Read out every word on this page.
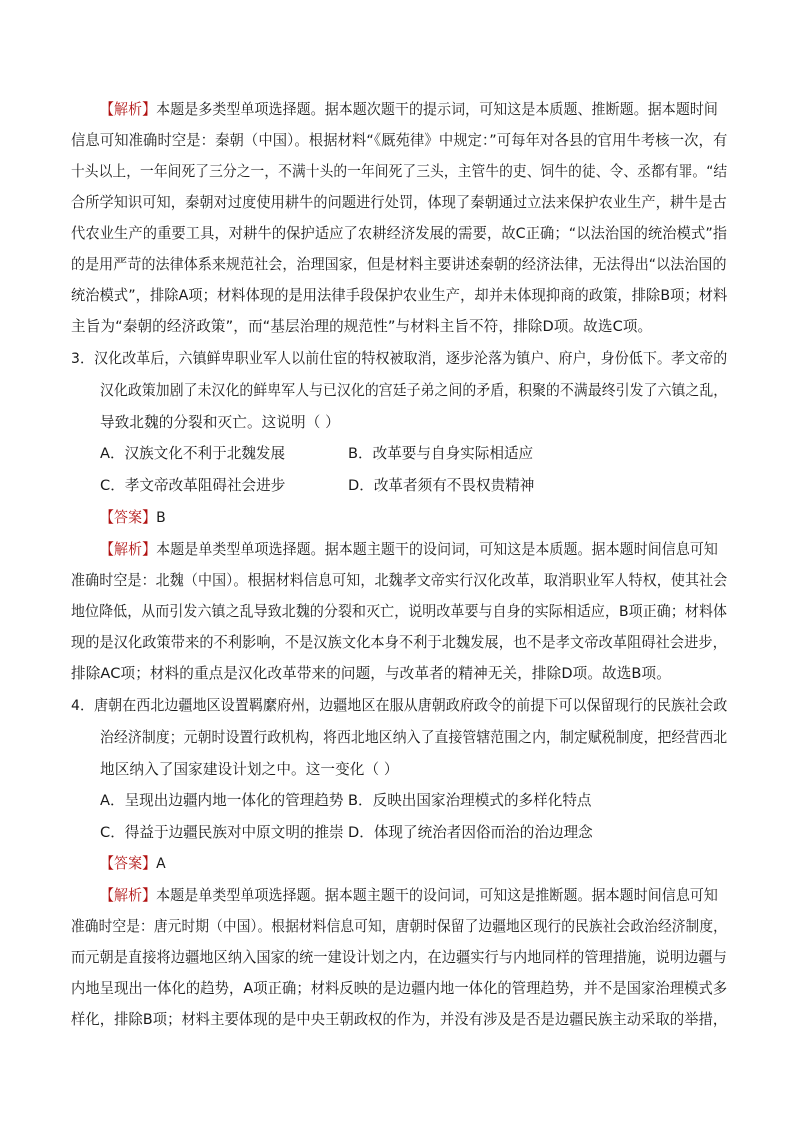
【解析】本题是多类型单项选择题。据本题次题干的提示词，可知这是本质题、推断题。据本题时间
信息可知准确时空是：秦朝（中国）。根据材料“《厩苑律》中规定：”可每年对各县的官用牛考核一次，有
十头以上，一年间死了三分之一，不满十头的一年间死了三头，主管牛的吏、饲牛的徒、令、丞都有罪。“结
合所学知识可知，秦朝对过度使用耕牛的问题进行处罚，体现了秦朝通过立法来保护农业生产，耕牛是古
代农业生产的重要工具，对耕牛的保护适应了农耕经济发展的需要，故C正确；“以法治国的统治模式”指
的是用严苛的法律体系来规范社会，治理国家，但是材料主要讲述秦朝的经济法律，无法得出“以法治国的
统治模式”，排除A项；材料体现的是用法律手段保护农业生产，却并未体现抑商的政策，排除B项；材料
主旨为“秦朝的经济政策”，而“基层治理的规范性”与材料主旨不符，排除D项。故选C项。
3．汉化改革后，六镇鲜卑职业军人以前仕宦的特权被取消，逐步沦落为镇户、府户，身份低下。孝文帝的
汉化政策加剧了未汉化的鲜卑军人与已汉化的宫廷子弟之间的矛盾，积聚的不满最终引发了六镇之乱，
导致北魏的分裂和灭亡。这说明（ ）
A．汉族文化不利于北魏发展	B．改革要与自身实际相适应
C．孝文帝改革阻碍社会进步	D．改革者须有不畏权贵精神
【答案】B
【解析】本题是单类型单项选择题。据本题主题干的设问词，可知这是本质题。据本题时间信息可知
准确时空是：北魏（中国）。根据材料信息可知，北魏孝文帝实行汉化改革，取消职业军人特权，使其社会
地位降低，从而引发六镇之乱导致北魏的分裂和灭亡，说明改革要与自身的实际相适应，B项正确；材料体
现的是汉化政策带来的不利影响，不是汉族文化本身不利于北魏发展，也不是孝文帝改革阻碍社会进步，
排除AC项；材料的重点是汉化改革带来的问题，与改革者的精神无关，排除D项。故选B项。
4．唐朝在西北边疆地区设置羁縻府州，边疆地区在服从唐朝政府政令的前提下可以保留现行的民族社会政
治经济制度；元朝时设置行政机构，将西北地区纳入了直接管辖范围之内，制定赋税制度，把经营西北
地区纳入了国家建设计划之中。这一变化（ ）
A．呈现出边疆内地一体化的管理趋势 B．反映出国家治理模式的多样化特点
C．得益于边疆民族对中原文明的推崇 D．体现了统治者因俗而治的治边理念
【答案】A
【解析】本题是单类型单项选择题。据本题主题干的设问词，可知这是推断题。据本题时间信息可知
准确时空是：唐元时期（中国）。根据材料信息可知，唐朝时保留了边疆地区现行的民族社会政治经济制度，
而元朝是直接将边疆地区纳入国家的统一建设计划之内，在边疆实行与内地同样的管理措施，说明边疆与
内地呈现出一体化的趋势，A项正确；材料反映的是边疆内地一体化的管理趋势，并不是国家治理模式多
样化，排除B项；材料主要体现的是中央王朝政权的作为，并没有涉及是否是边疆民族主动采取的举措，
